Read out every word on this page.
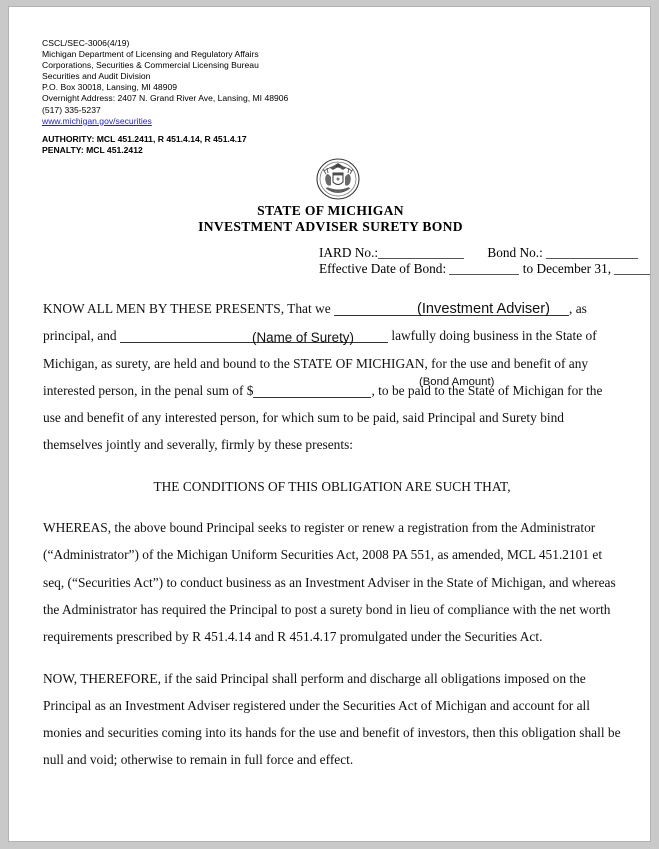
CSCL/SEC-3006(4/19)
Michigan Department of Licensing and Regulatory Affairs
Corporations, Securities & Commercial Licensing Bureau
Securities and Audit Division
P.O. Box 30018, Lansing, MI 48909
Overnight Address: 2407 N. Grand River Ave, Lansing, MI 48906
(517) 335-5237
www.michigan.gov/securities
AUTHORITY: MCL 451.2411, R 451.4.14, R 451.4.17
PENALTY: MCL 451.2412
STATE OF MICHIGAN
INVESTMENT ADVISER SURETY BOND
IARD No.:	Bond No.:
Effective Date of Bond:	to December 31,

KNOW ALL MEN BY THESE PRESENTS, That we	, as principal, and	lawfully doing business in the State of Michigan, as surety, are held and bound to the STATE OF MICHIGAN, for the use and benefit of any interested person, in the penal sum of $	, to be paid to the State of Michigan for the use and benefit of any interested person, for which sum to be paid, said Principal and Surety bind themselves jointly and severally, firmly by these presents:

THE CONDITIONS OF THIS OBLIGATION ARE SUCH THAT,

WHEREAS, the above bound Principal seeks to register or renew a registration from the Administrator (“Administrator”) of the Michigan Uniform Securities Act, 2008 PA 551, as amended, MCL 451.2101 et seq, (“Securities Act”) to conduct business as an Investment Adviser in the State of Michigan, and whereas the Administrator has required the Principal to post a surety bond in lieu of compliance with the net worth requirements prescribed by R 451.4.14 and R 451.4.17 promulgated under the Securities Act.

NOW, THEREFORE, if the said Principal shall perform and discharge all obligations imposed on the Principal as an Investment Adviser registered under the Securities Act of Michigan and account for all monies and securities coming into its hands for the use and benefit of investors, then this obligation shall be null and void; otherwise to remain in full force and effect.

(Investment Adviser)
(Name of Surety)
(Bond Amount)
